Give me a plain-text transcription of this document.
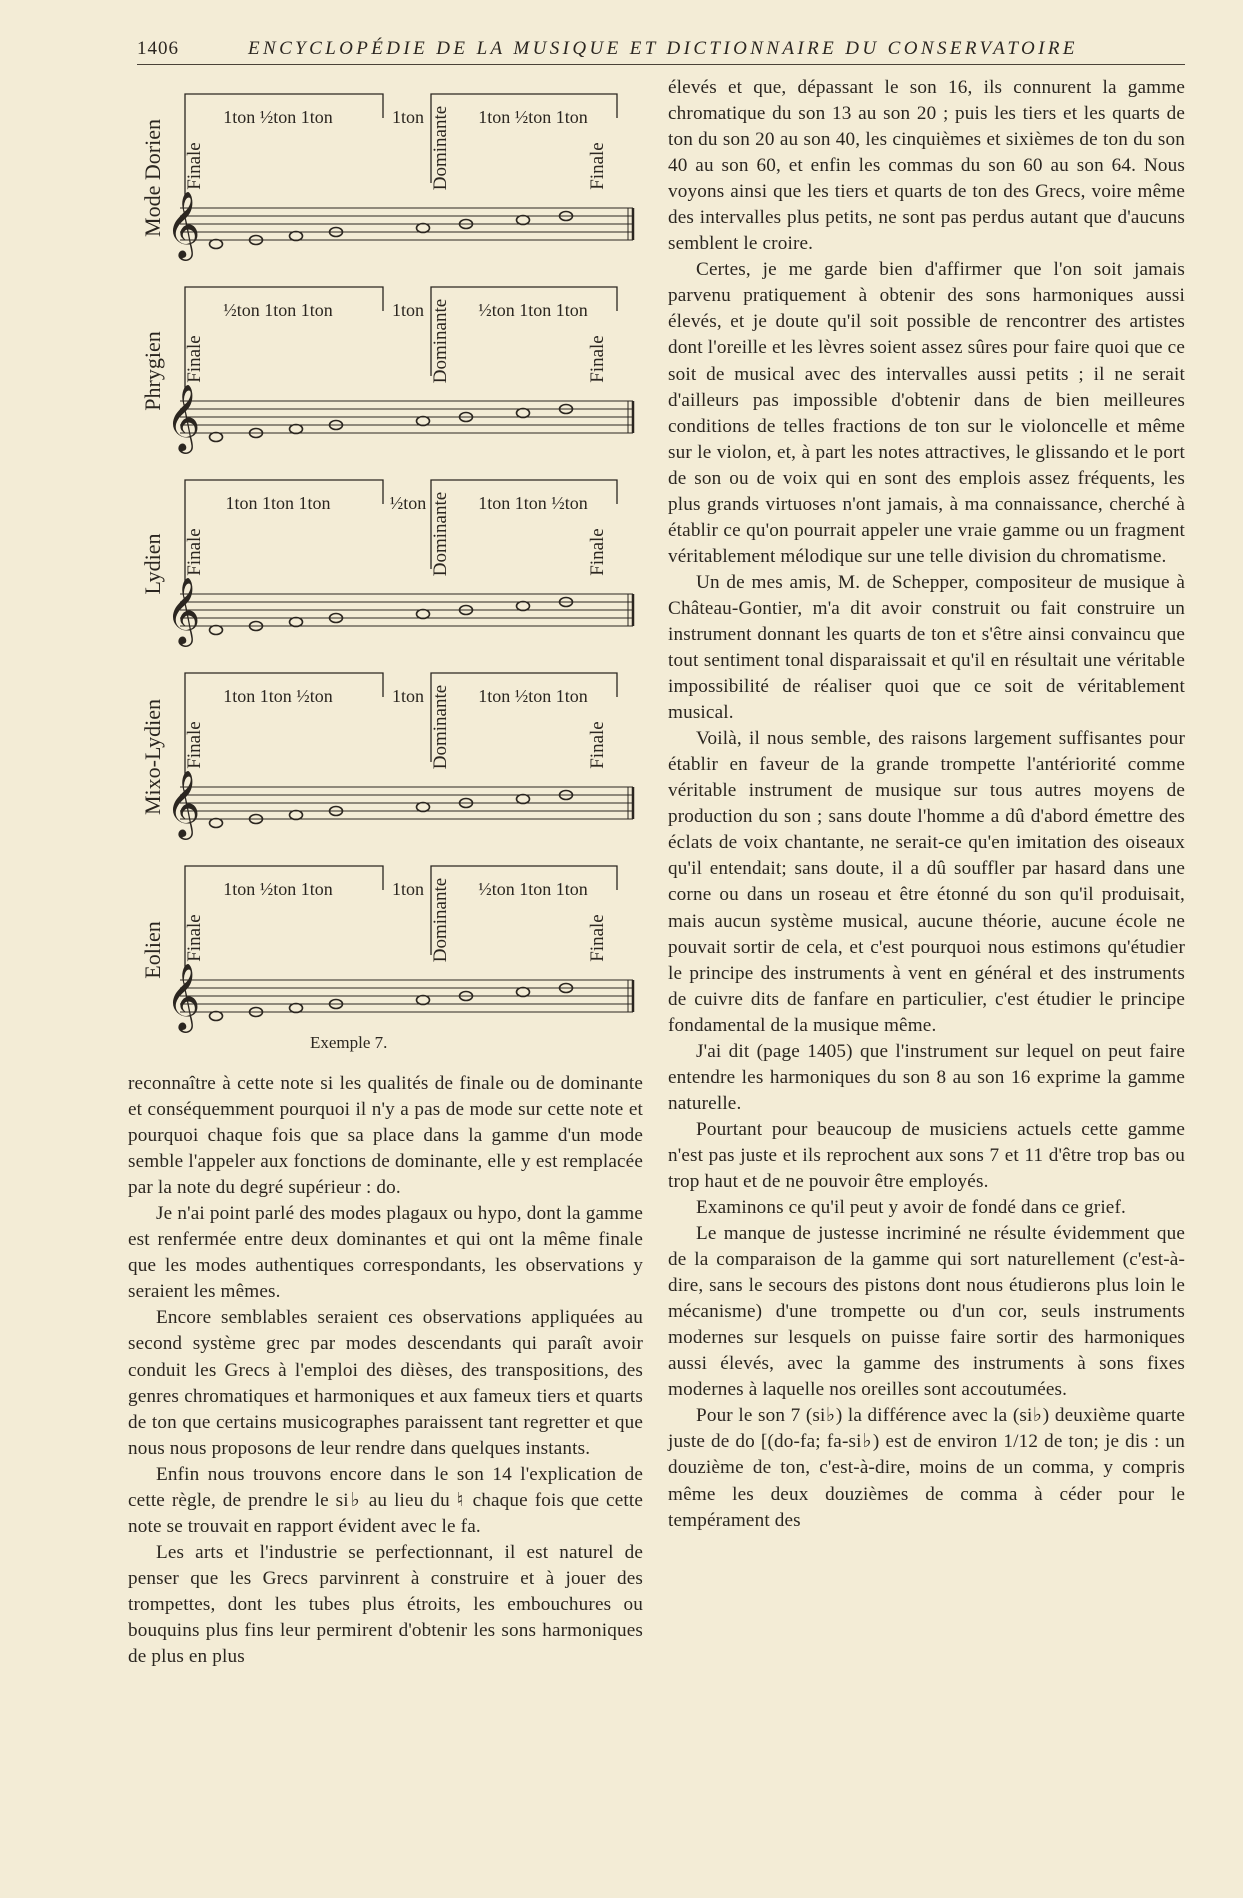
1406	ENCYCLOPÉDIE DE LA MUSIQUE ET DICTIONNAIRE DU CONSERVATOIRE
Mode Dorien
1ton ½ton 1ton	1ton	1ton ½ton 1ton
Finale	Dominante	Finale
𝄞
Phrygien
½ton 1ton 1ton	1ton	½ton 1ton 1ton
Finale	Dominante	Finale
𝄞
Lydien
1ton 1ton 1ton	½ton	1ton 1ton ½ton
Finale	Dominante	Finale
𝄞
Mixo-Lydien
1ton 1ton ½ton	1ton	1ton ½ton 1ton
Finale	Dominante	Finale
𝄞
Eolien
1ton ½ton 1ton	1ton	½ton 1ton 1ton
Finale	Dominante	Finale
𝄞
Exemple 7.

reconnaître à cette note si les qualités de finale ou de dominante et conséquemment pourquoi il n'y a pas de mode sur cette note et pourquoi chaque fois que sa place dans la gamme d'un mode semble l'appeler aux fonctions de dominante, elle y est remplacée par la note du degré supérieur : do.

Je n'ai point parlé des modes plagaux ou hypo, dont la gamme est renfermée entre deux dominantes et qui ont la même finale que les modes authentiques correspondants, les observations y seraient les mêmes.

Encore semblables seraient ces observations appliquées au second système grec par modes descendants qui paraît avoir conduit les Grecs à l'emploi des dièses, des transpositions, des genres chromatiques et harmoniques et aux fameux tiers et quarts de ton que certains musicographes paraissent tant regretter et que nous nous proposons de leur rendre dans quelques instants.

Enfin nous trouvons encore dans le son 14 l'explication de cette règle, de prendre le si♭ au lieu du ♮ chaque fois que cette note se trouvait en rapport évident avec le fa.

Les arts et l'industrie se perfectionnant, il est naturel de penser que les Grecs parvinrent à construire et à jouer des trompettes, dont les tubes plus étroits, les embouchures ou bouquins plus fins leur permirent d'obtenir les sons harmoniques de plus en plus

élevés et que, dépassant le son 16, ils connurent la gamme chromatique du son 13 au son 20 ; puis les tiers et les quarts de ton du son 20 au son 40, les cinquièmes et sixièmes de ton du son 40 au son 60, et enfin les commas du son 60 au son 64. Nous voyons ainsi que les tiers et quarts de ton des Grecs, voire même des intervalles plus petits, ne sont pas perdus autant que d'aucuns semblent le croire.

Certes, je me garde bien d'affirmer que l'on soit jamais parvenu pratiquement à obtenir des sons harmoniques aussi élevés, et je doute qu'il soit possible de rencontrer des artistes dont l'oreille et les lèvres soient assez sûres pour faire quoi que ce soit de musical avec des intervalles aussi petits ; il ne serait d'ailleurs pas impossible d'obtenir dans de bien meilleures conditions de telles fractions de ton sur le violoncelle et même sur le violon, et, à part les notes attractives, le glissando et le port de son ou de voix qui en sont des emplois assez fréquents, les plus grands virtuoses n'ont jamais, à ma connaissance, cherché à établir ce qu'on pourrait appeler une vraie gamme ou un fragment véritablement mélodique sur une telle division du chromatisme.

Un de mes amis, M. de Schepper, compositeur de musique à Château-Gontier, m'a dit avoir construit ou fait construire un instrument donnant les quarts de ton et s'être ainsi convaincu que tout sentiment tonal disparaissait et qu'il en résultait une véritable impossibilité de réaliser quoi que ce soit de véritablement musical.

Voilà, il nous semble, des raisons largement suffisantes pour établir en faveur de la grande trompette l'antériorité comme véritable instrument de musique sur tous autres moyens de production du son ; sans doute l'homme a dû d'abord émettre des éclats de voix chantante, ne serait-ce qu'en imitation des oiseaux qu'il entendait; sans doute, il a dû souffler par hasard dans une corne ou dans un roseau et être étonné du son qu'il produisait, mais aucun système musical, aucune théorie, aucune école ne pouvait sortir de cela, et c'est pourquoi nous estimons qu'étudier le principe des instruments à vent en général et des instruments de cuivre dits de fanfare en particulier, c'est étudier le principe fondamental de la musique même.

J'ai dit (page 1405) que l'instrument sur lequel on peut faire entendre les harmoniques du son 8 au son 16 exprime la gamme naturelle.

Pourtant pour beaucoup de musiciens actuels cette gamme n'est pas juste et ils reprochent aux sons 7 et 11 d'être trop bas ou trop haut et de ne pouvoir être employés.

Examinons ce qu'il peut y avoir de fondé dans ce grief.

Le manque de justesse incriminé ne résulte évidemment que de la comparaison de la gamme qui sort naturellement (c'est-à-dire, sans le secours des pistons dont nous étudierons plus loin le mécanisme) d'une trompette ou d'un cor, seuls instruments modernes sur lesquels on puisse faire sortir des harmoniques aussi élevés, avec la gamme des instruments à sons fixes modernes à laquelle nos oreilles sont accoutumées.

Pour le son 7 (si♭) la différence avec la (si♭) deuxième quarte juste de do [(do-fa; fa-si♭) est de environ 1/12 de ton; je dis : un douzième de ton, c'est-à-dire, moins de un comma, y compris même les deux douzièmes de comma à céder pour le tempérament des
